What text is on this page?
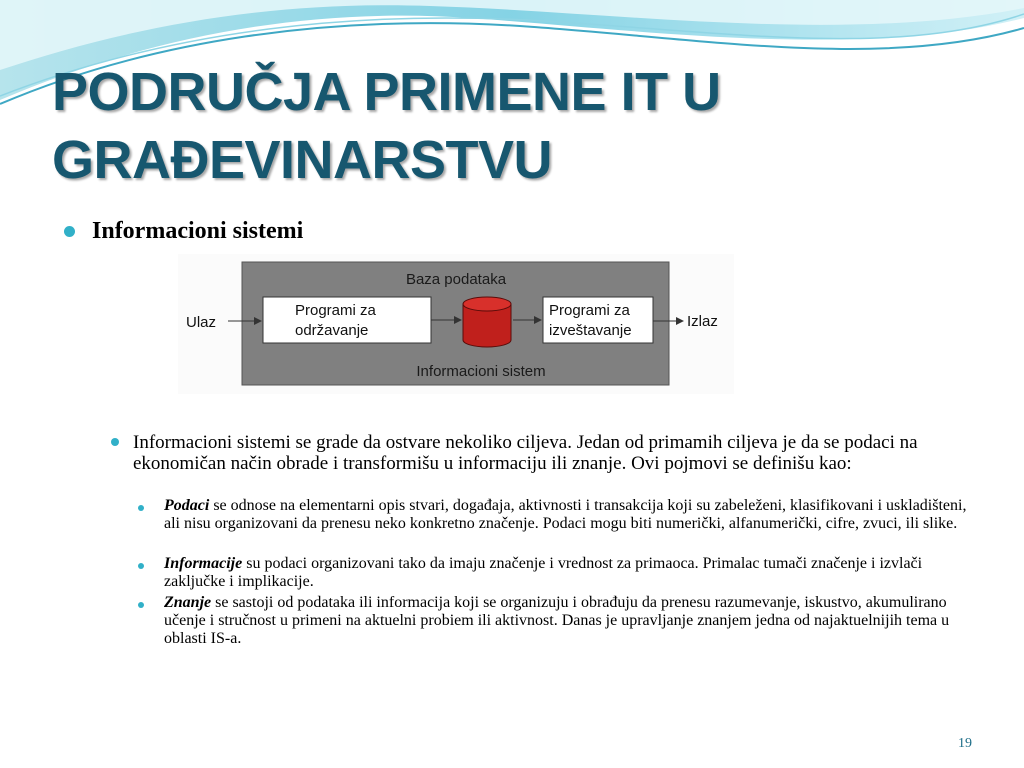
PODRUČJA PRIMENE IT U
GRAĐEVINARSTVU
Informacioni sistemi
Baza podataka
Informacioni sistem
Programi za
održavanje
Programi za
izveštavanje
Ulaz	Izlaz
Informacioni sistemi se grade da ostvare nekoliko ciljeva. Jedan od primamih ciljeva je da se podaci na ekonomičan način obrade i transformišu u informaciju ili znanje. Ovi pojmovi se definišu kao:
Podaci se odnose na elementarni opis stvari, događaja, aktivnosti i transakcija koji su zabeleženi, klasifikovani i uskladišteni, ali nisu organizovani da prenesu neko konkretno značenje. Podaci mogu biti numerički, alfanumerički, cifre, zvuci, ili slike.
Informacije su podaci organizovani tako da imaju značenje i vrednost za primaoca. Primalac tumači značenje i izvlači zaključke i implikacije.
Znanje se sastoji od podataka ili informacija koji se organizuju i obrađuju da prenesu razumevanje, iskustvo, akumulirano učenje i stručnost u primeni na aktuelni probiem ili aktivnost. Danas je upravljanje znanjem jedna od najaktuelnijih tema u oblasti IS-a.
19
